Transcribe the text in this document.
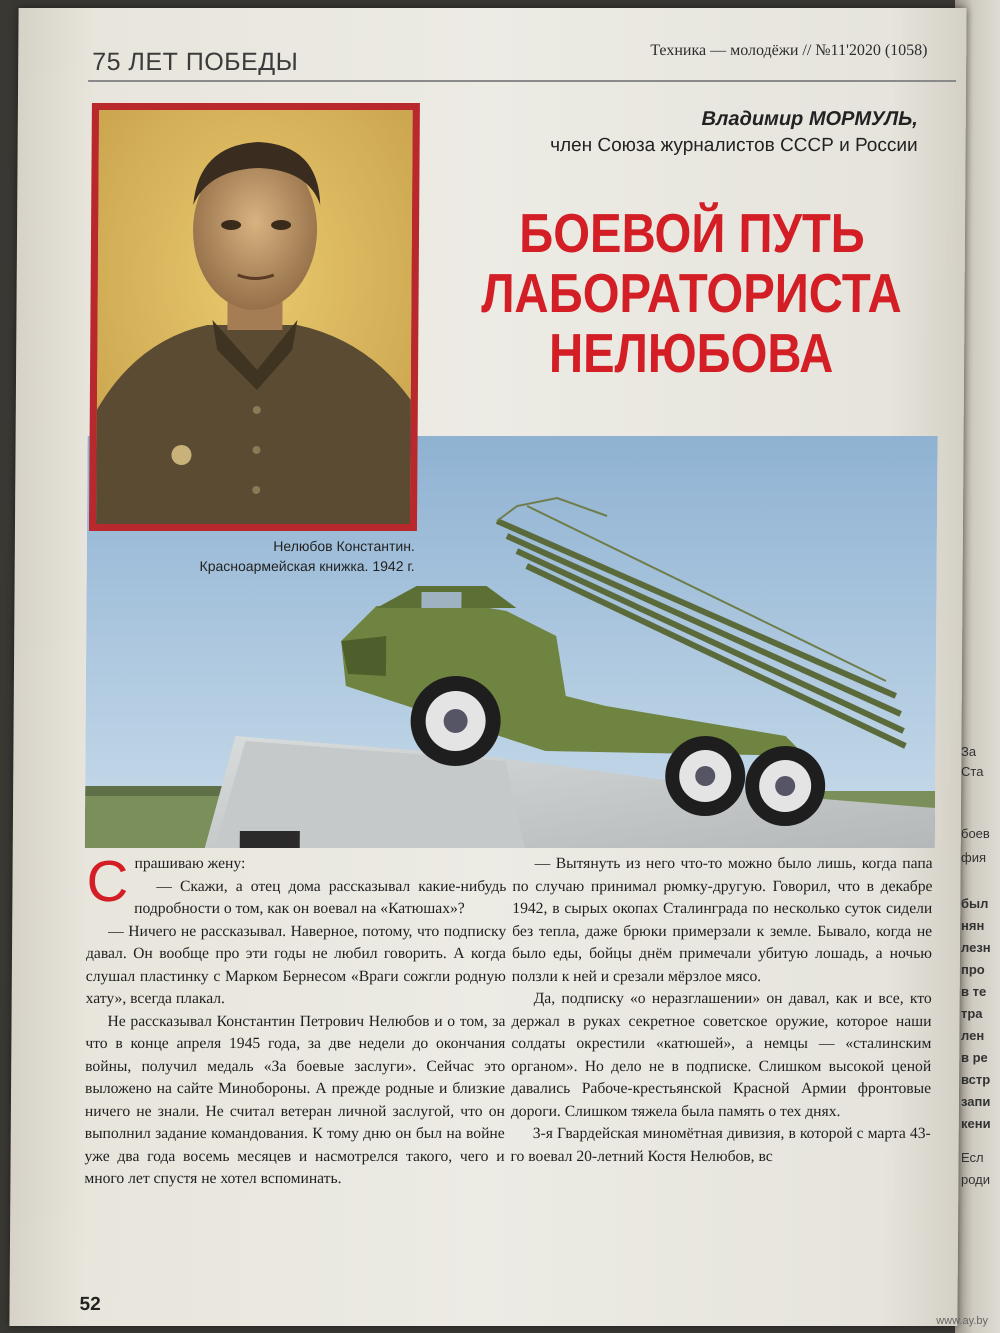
За
Ста
боев
фия
был
нян
лезн
про
в те
тра
лен
в ре
встр
запи
кени
Есл
роди
75 ЛЕТ ПОБЕДЫ	Техника — молодёжи // №11'2020 (1058)
Нелюбов Константин.
Красноармейская книжка. 1942 г.
Владимир МОРМУЛЬ,
член Союза журналистов СССР и России
БОЕВОЙ ПУТЬ
ЛАБОРАТОРИСТА
НЕЛЮБОВА
С прашиваю жену:

— Скажи, а отец дома рассказывал какие-нибудь подробности о том, как он воевал на «Катюшах»?

— Ничего не рассказывал. Наверное, потому, что подписку давал. Он вообще про эти годы не любил говорить. А когда слушал пластинку с Марком Бернесом «Враги сожгли родную хату», всегда плакал.

Не рассказывал Константин Петрович Нелюбов и о том, за что в конце апреля 1945 года, за две недели до окончания войны, получил медаль «За боевые заслуги». Сейчас это выложено на сайте Минобороны. А прежде родные и близкие ничего не знали. Не считал ветеран личной заслугой, что он выполнил задание командования. К тому дню он был на войне уже два года восемь месяцев и насмотрелся такого, чего и много лет спустя не хотел вспоминать.

— Вытянуть из него что-то можно было лишь, когда папа по случаю принимал рюмку-другую. Говорил, что в декабре 1942, в сырых окопах Сталинграда по несколько суток сидели без тепла, даже брюки примерзали к земле. Бывало, когда не было еды, бойцы днём примечали убитую лошадь, а ночью ползли к ней и срезали мёрзлое мясо.

Да, подписку «о неразглашении» он давал, как и все, кто держал в руках секретное советское оружие, которое наши солдаты окрестили «катюшей», а немцы — «сталинским органом». Но дело не в подписке. Слишком высокой ценой давались Рабоче-крестьянской Красной Армии фронтовые дороги. Слишком тяжела была память о тех днях.

3-я Гвардейская миномётная дивизия, в которой с марта 43-го воевал 20-летний Костя Нелюбов, вс

52
www.ay.by
